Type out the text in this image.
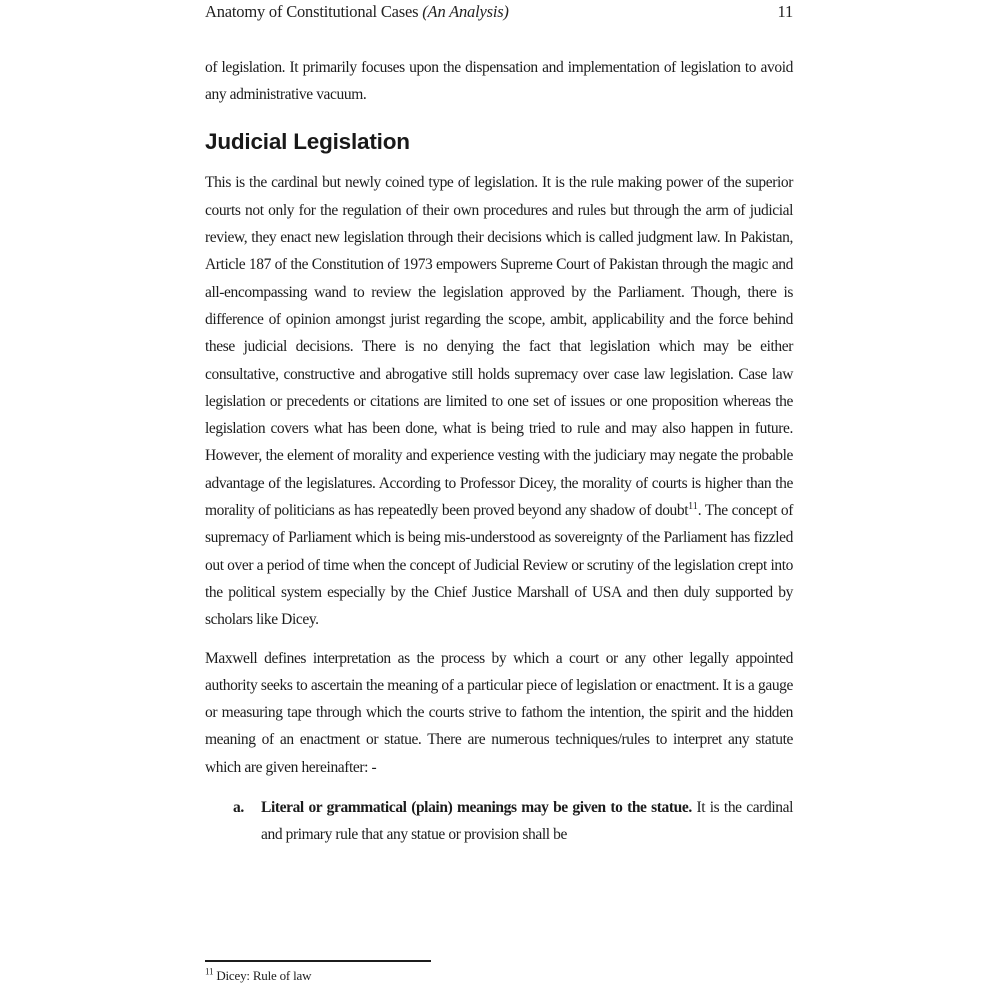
Anatomy of Constitutional Cases (An Analysis)	11

of legislation. It primarily focuses upon the dispensation and implementation of legislation to avoid any administrative vacuum.

Judicial Legislation

This is the cardinal but newly coined type of legislation. It is the rule making power of the superior courts not only for the regulation of their own procedures and rules but through the arm of judicial review, they enact new legislation through their decisions which is called judgment law. In Pakistan, Article 187 of the Constitution of 1973 empowers Supreme Court of Pakistan through the magic and all-encompassing wand to review the legislation approved by the Parliament. Though, there is difference of opinion amongst jurist regarding the scope, ambit, applicability and the force behind these judicial decisions. There is no denying the fact that legislation which may be either consultative, constructive and abrogative still holds supremacy over case law legislation. Case law legislation or precedents or citations are limited to one set of issues or one proposition whereas the legislation covers what has been done, what is being tried to rule and may also happen in future. However, the element of morality and experience vesting with the judiciary may negate the probable advantage of the legislatures. According to Professor Dicey, the morality of courts is higher than the morality of politicians as has repeatedly been proved beyond any shadow of doubt$^{11}$. The concept of supremacy of Parliament which is being mis-understood as sovereignty of the Parliament has fizzled out over a period of time when the concept of Judicial Review or scrutiny of the legislation crept into the political system especially by the Chief Justice Marshall of USA and then duly supported by scholars like Dicey.

Maxwell defines interpretation as the process by which a court or any other legally appointed authority seeks to ascertain the meaning of a particular piece of legislation or enactment. It is a gauge or measuring tape through which the courts strive to fathom the intention, the spirit and the hidden meaning of an enactment or statue. There are numerous techniques/rules to interpret any statute which are given hereinafter: -

a.	Literal or grammatical (plain) meanings may be given to the statue. It is the cardinal and primary rule that any statue or provision shall be
$^{11}$ Dicey: Rule of law
